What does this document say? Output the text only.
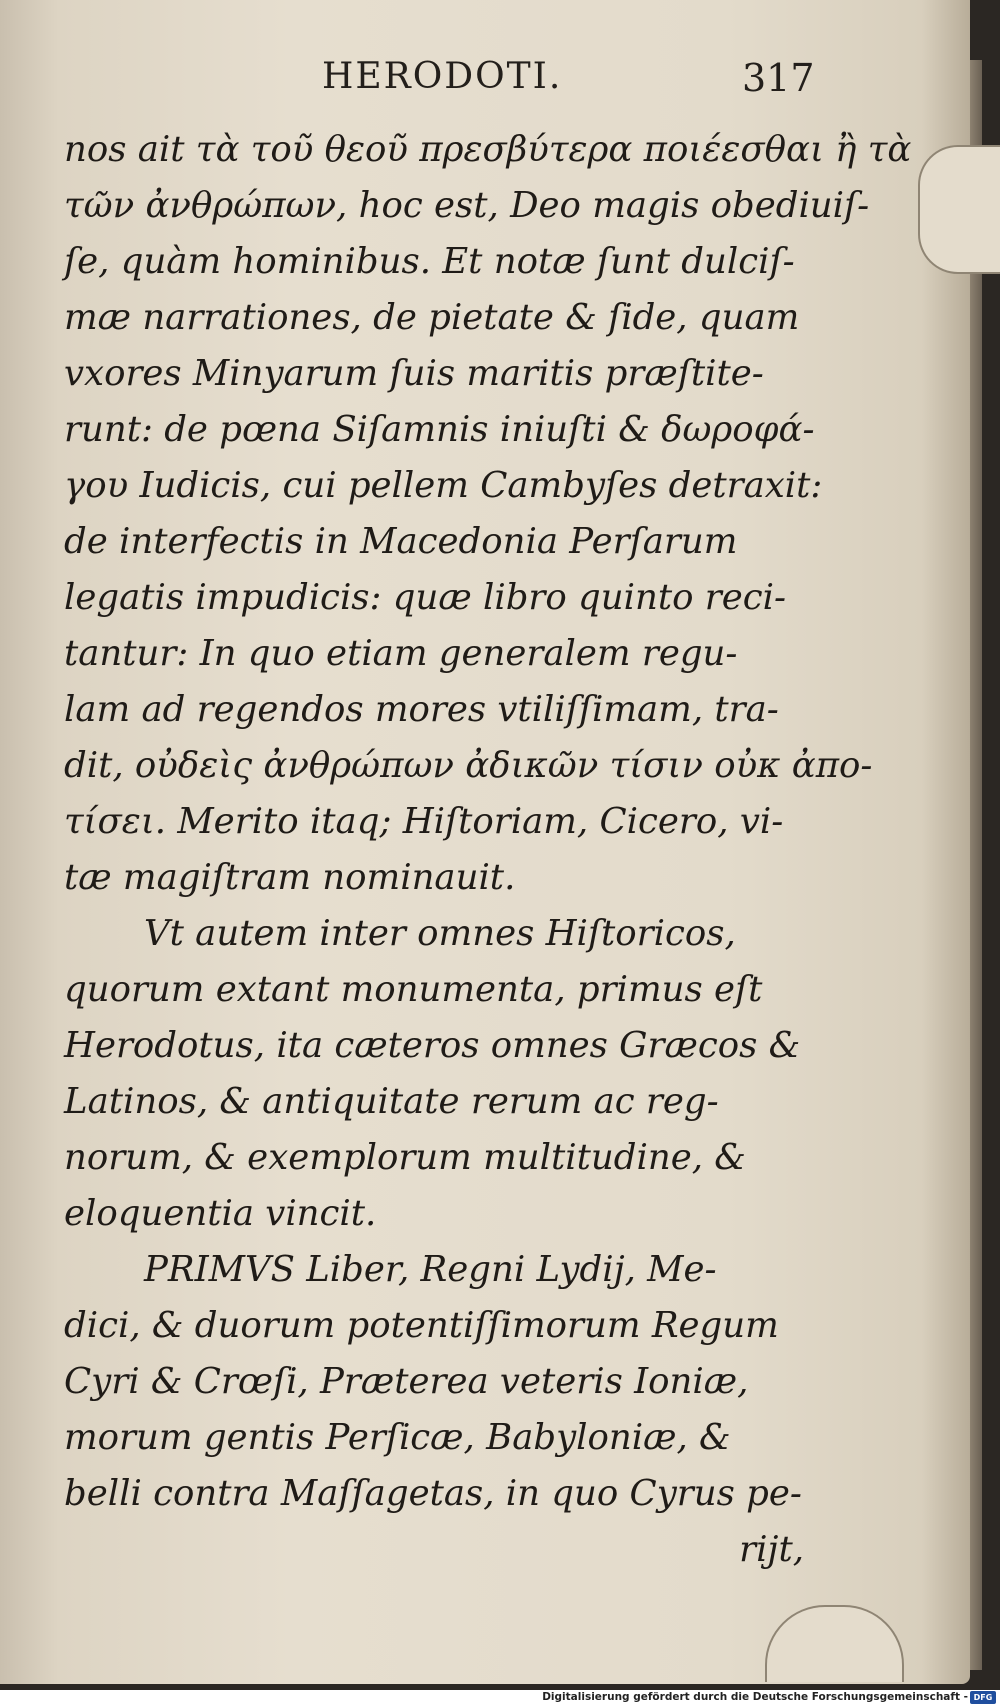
HERODOTI.	317
nos ait τὰ τοῦ θεοῦ πρεσβύτερα ποιέεσθαι ἢ τὰ
τῶν ἀνθρώπων, hoc est, Deo magis obediuiſ-
ſe, quàm hominibus. Et notæ ſunt dulciſ-
mæ narrationes, de pietate & ſide, quam
vxores Minyarum ſuis maritis præſtite-
runt: de pœna Siſamnis iniuſti & δωροφά-
γου Iudicis, cui pellem Cambyſes detraxit:
de interfectis in Macedonia Perſarum
legatis impudicis: quæ libro quinto reci-
tantur: In quo etiam generalem regu-
lam ad regendos mores vtiliſſimam, tra-
dit, οὐδεὶς ἀνθρώπων ἀδικῶν τίσιν οὐκ ἀπο-
τίσει. Merito itaq; Hiſtoriam, Cicero, vi-
tæ magiſtram nominauit.
Vt autem inter omnes Hiſtoricos,
quorum extant monumenta, primus eſt
Herodotus, ita cæteros omnes Græcos &
Latinos, & antiquitate rerum ac reg-
norum, & exemplorum multitudine, &
eloquentia vincit.
PRIMVS Liber, Regni Lydij, Me-
dici, & duorum potentiſſimorum Regum
Cyri & Crœſi, Præterea veteris Ioniæ,
morum gentis Perſicæ, Babyloniæ, &
belli contra Maſſagetas, in quo Cyrus pe-
rijt,
Digitalisierung gefördert durch die Deutsche Forschungsgemeinschaft - DFG
